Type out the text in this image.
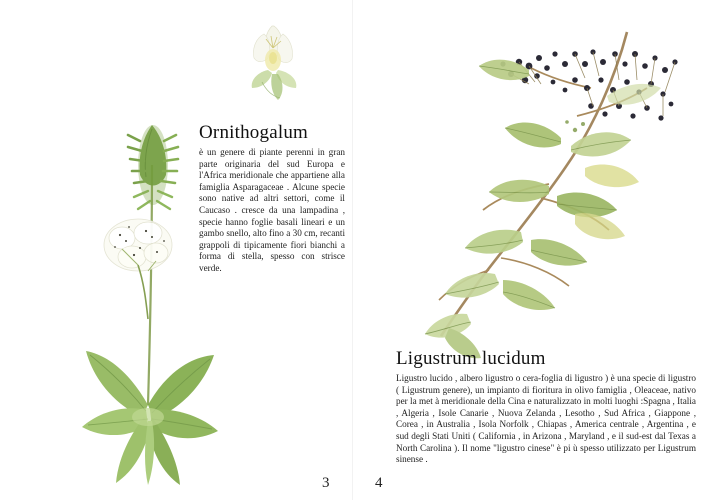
Ornithogalum

è un genere di piante perenni in gran parte originaria del sud Europa e l'Africa meridionale che appartiene alla famiglia Asparagaceae . Alcune specie sono native ad altri settori, come il Caucaso . cresce da una lampadina , specie hanno foglie basali lineari e un gambo snello, alto fino a 30 cm, recanti grappoli di tipicamente fiori bianchi a forma di stella, spesso con strisce verde.

3
Ligustrum lucidum

Ligustro lucido , albero ligustro o cera-foglia di ligustro ) è una specie di ligustro ( Ligustrum genere), un impianto di fioritura in olivo famiglia , Oleaceae, nativo per la met à meridionale della Cina e naturalizzato in molti luoghi :Spagna , Italia , Algeria , Isole Canarie , Nuova Zelanda , Lesotho , Sud Africa , Giappone , Corea , in Australia , Isola Norfolk , Chiapas , America centrale , Argentina , e sud degli Stati Uniti ( California , in Arizona , Maryland , e il sud-est dal Texas a North Carolina ). Il nome "ligustro cinese" è pi ù spesso utilizzato per Ligustrum sinense .

4
